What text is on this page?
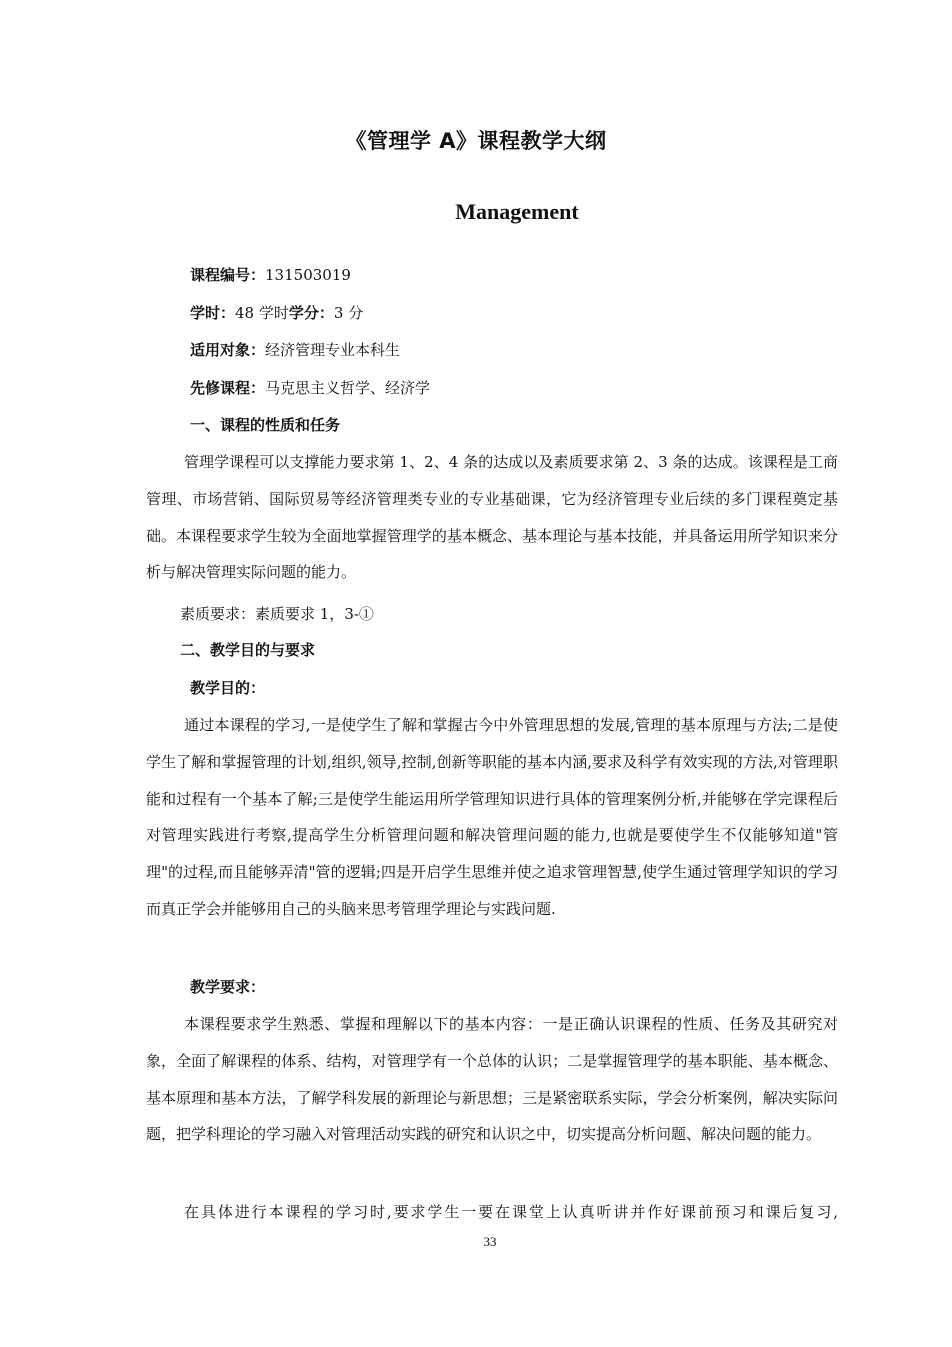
《管理学 A》课程教学大纲
Management
课程编号：131503019
学时：48 学时学分：3 分
适用对象：经济管理专业本科生
先修课程：马克思主义哲学、经济学
一、课程的性质和任务

管理学课程可以支撑能力要求第 1、2、4 条的达成以及素质要求第 2、3 条的达成。该课程是工商管理、市场营销、国际贸易等经济管理类专业的专业基础课，它为经济管理专业后续的多门课程奠定基础。本课程要求学生较为全面地掌握管理学的基本概念、基本理论与基本技能，并具备运用所学知识来分析与解决管理实际问题的能力。

素质要求：素质要求 1，3-①
二、教学目的与要求
教学目的：

通过本课程的学习,一是使学生了解和掌握古今中外管理思想的发展,管理的基本原理与方法;二是使学生了解和掌握管理的计划,组织,领导,控制,创新等职能的基本内涵,要求及科学有效实现的方法,对管理职能和过程有一个基本了解;三是使学生能运用所学管理知识进行具体的管理案例分析,并能够在学完课程后对管理实践进行考察,提高学生分析管理问题和解决管理问题的能力,也就是要使学生不仅能够知道"管理"的过程,而且能够弄清"管的逻辑;四是开启学生思维并使之追求管理智慧,使学生通过管理学知识的学习而真正学会并能够用自己的头脑来思考管理学理论与实践问题.

教学要求：

本课程要求学生熟悉、掌握和理解以下的基本内容：一是正确认识课程的性质、任务及其研究对象，全面了解课程的体系、结构，对管理学有一个总体的认识；二是掌握管理学的基本职能、基本概念、基本原理和基本方法，了解学科发展的新理论与新思想；三是紧密联系实际，学会分析案例，解决实际问题，把学科理论的学习融入对管理活动实践的研究和认识之中，切实提高分析问题、解决问题的能力。

在具体进行本课程的学习时,要求学生一要在课堂上认真听讲并作好课前预习和课后复习,

33
